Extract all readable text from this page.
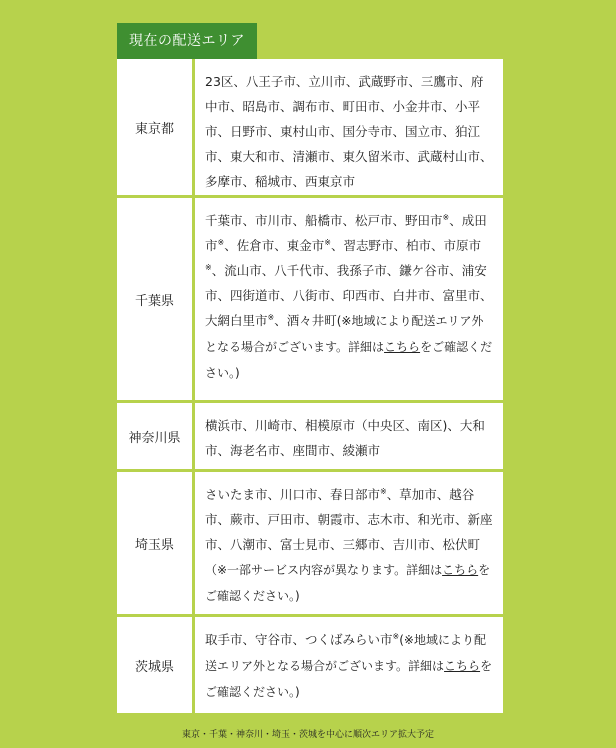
現在の配送エリア
東京都
23区、八王子市、立川市、武蔵野市、三鷹市、府中市、昭島市、調布市、町田市、小金井市、小平市、日野市、東村山市、国分寺市、国立市、狛江市、東大和市、清瀬市、東久留米市、武蔵村山市、多摩市、稲城市、西東京市
千葉県
千葉市、市川市、船橋市、松戸市、野田市※、成田市※、佐倉市、東金市※、習志野市、柏市、市原市※、流山市、八千代市、我孫子市、鎌ケ谷市、浦安市、四街道市、八街市、印西市、白井市、富里市、大網白里市※、酒々井町(※地域により配送エリア外となる場合がございます。詳細はこちらをご確認ください。)
神奈川県
横浜市、川崎市、相模原市（中央区、南区)、大和市、海老名市、座間市、綾瀬市
埼玉県
さいたま市、川口市、春日部市※、草加市、越谷市、蕨市、戸田市、朝霞市、志木市、和光市、新座市、八潮市、富士見市、三郷市、吉川市、松伏町（※一部サービス内容が異なります。詳細はこちらをご確認ください。)
茨城県
取手市、守谷市、つくばみらい市※(※地域により配送エリア外となる場合がございます。詳細はこちらをご確認ください。)
東京・千葉・神奈川・埼玉・茨城を中心に順次エリア拡大予定
